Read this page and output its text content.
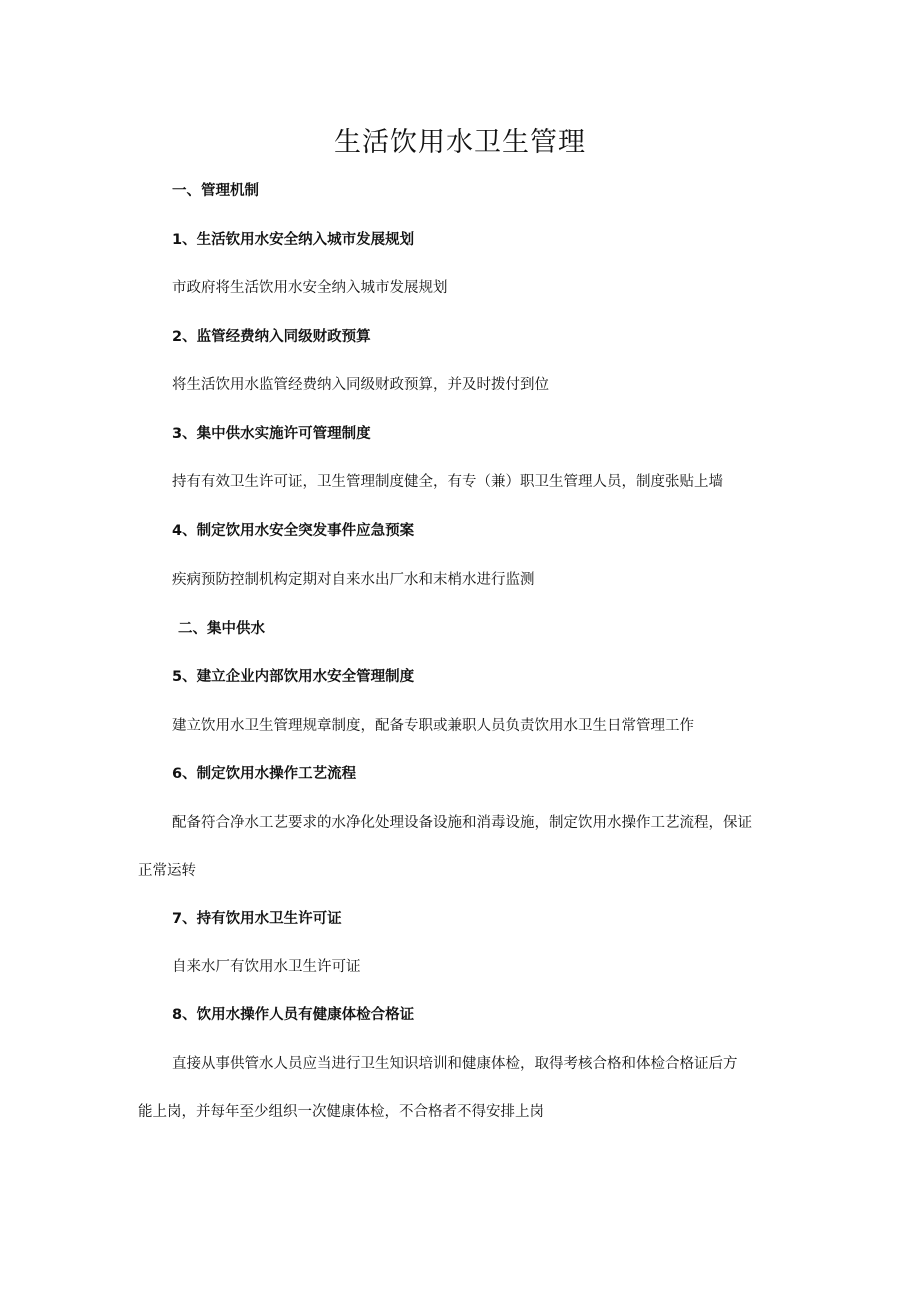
生活饮用水卫生管理
一、管理机制
1、生活钦用水安全纳入城市发展规划
市政府将生活饮用水安全纳入城市发展规划
2、监管经费纳入同级财政预算
将生活饮用水监管经费纳入同级财政预算，并及时拨付到位
3、集中供水实施许可管理制度
持有有效卫生许可证，卫生管理制度健全，有专（兼）职卫生管理人员，制度张贴上墙
4、制定饮用水安全突发事件应急预案
疾病预防控制机构定期对自来水出厂水和末梢水进行监测
二、集中供水
5、建立企业内部饮用水安全管理制度
建立饮用水卫生管理规章制度，配备专职或兼职人员负责饮用水卫生日常管理工作
6、制定饮用水操作工艺流程
配备符合净水工艺要求的水净化处理设备设施和消毒设施，制定饮用水操作工艺流程，保证
正常运转
7、持有饮用水卫生许可证
自来水厂有饮用水卫生许可证
8、饮用水操作人员有健康体检合格证
直接从事供管水人员应当进行卫生知识培训和健康体检，取得考核合格和体检合格证后方
能上岗，并每年至少组织一次健康体检，不合格者不得安排上岗
